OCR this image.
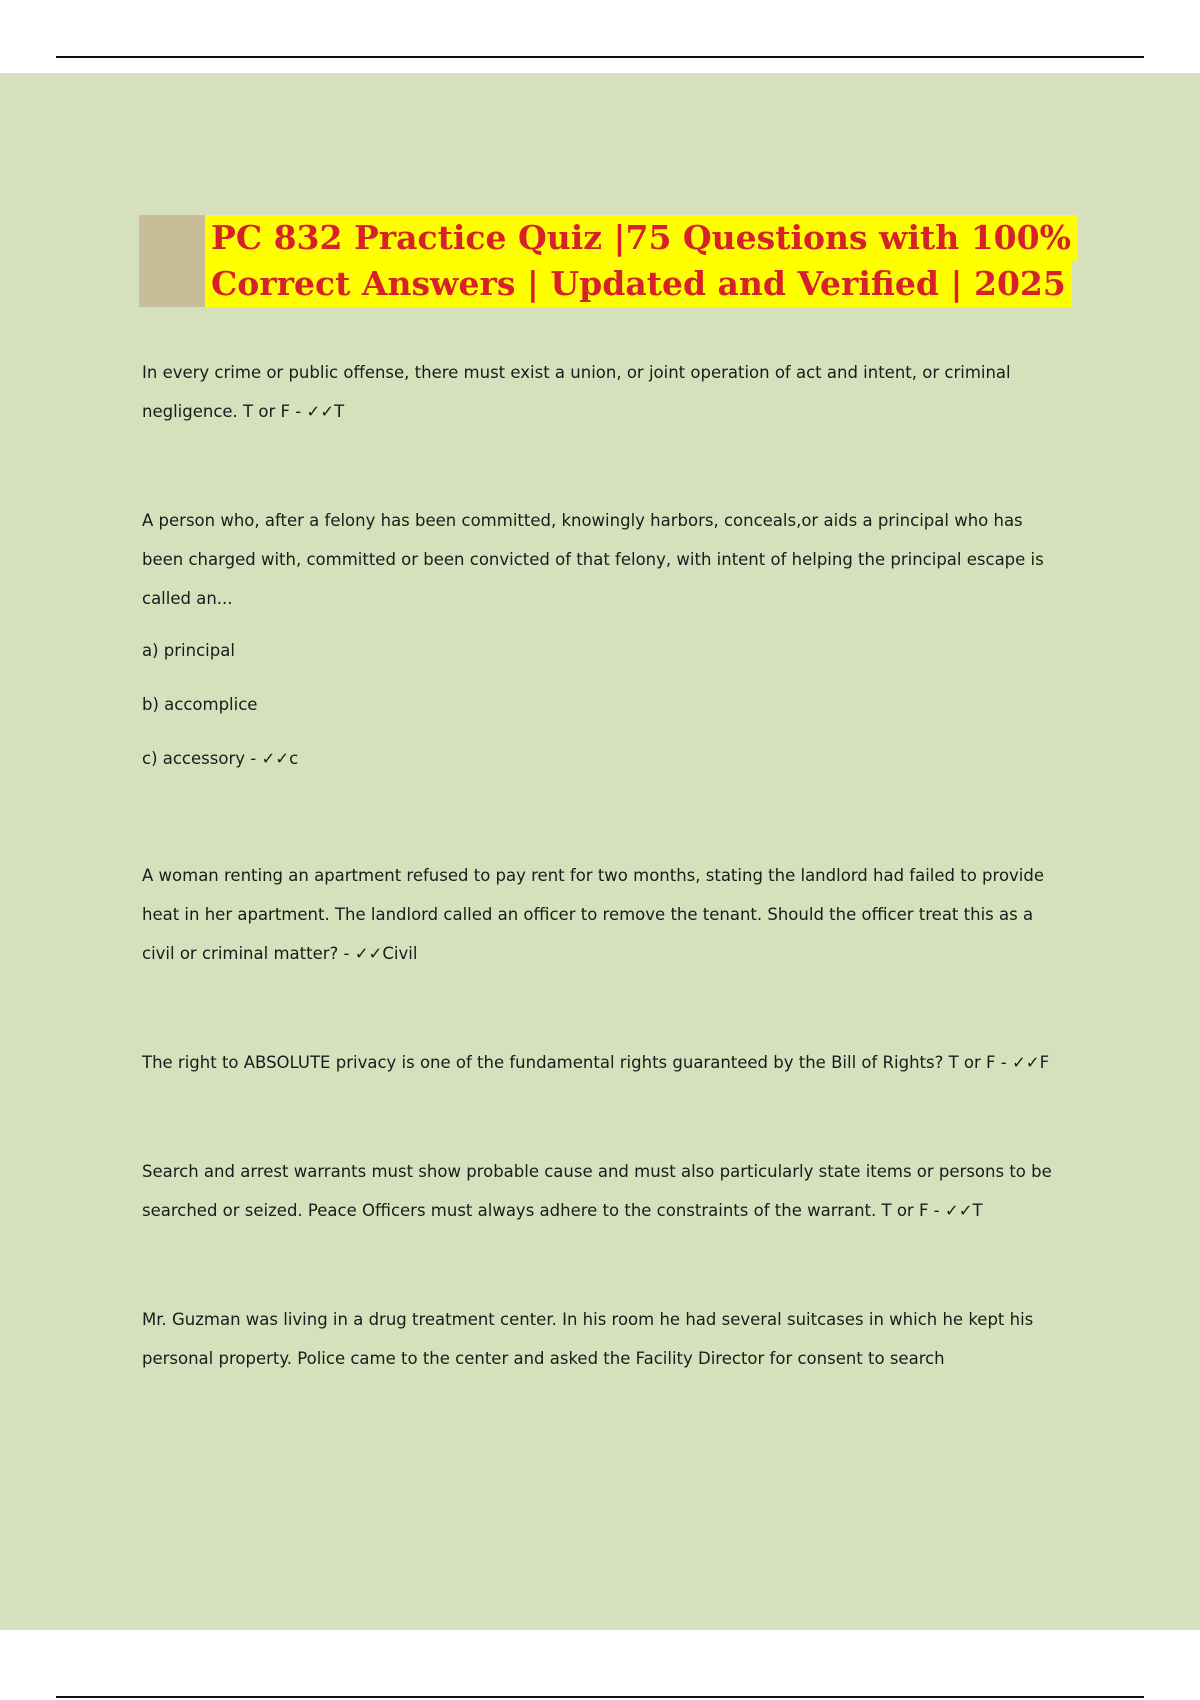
PC 832 Practice Quiz |75 Questions with 100%
Correct Answers | Updated and Verified | 2025

In every crime or public offense, there must exist a union, or joint operation of act and intent, or criminal negligence. T or F - ✓✓T

A person who, after a felony has been committed, knowingly harbors, conceals,or aids a principal who has been charged with, committed or been convicted of that felony, with intent of helping the principal escape is called an...

a) principal

b) accomplice

c) accessory - ✓✓c

A woman renting an apartment refused to pay rent for two months, stating the landlord had failed to provide heat in her apartment. The landlord called an officer to remove the tenant. Should the officer treat this as a civil or criminal matter? - ✓✓Civil

The right to ABSOLUTE privacy is one of the fundamental rights guaranteed by the Bill of Rights? T or F - ✓✓F

Search and arrest warrants must show probable cause and must also particularly state items or persons to be searched or seized. Peace Officers must always adhere to the constraints of the warrant. T or F - ✓✓T

Mr. Guzman was living in a drug treatment center. In his room he had several suitcases in which he kept his personal property. Police came to the center and asked the Facility Director for consent to search
